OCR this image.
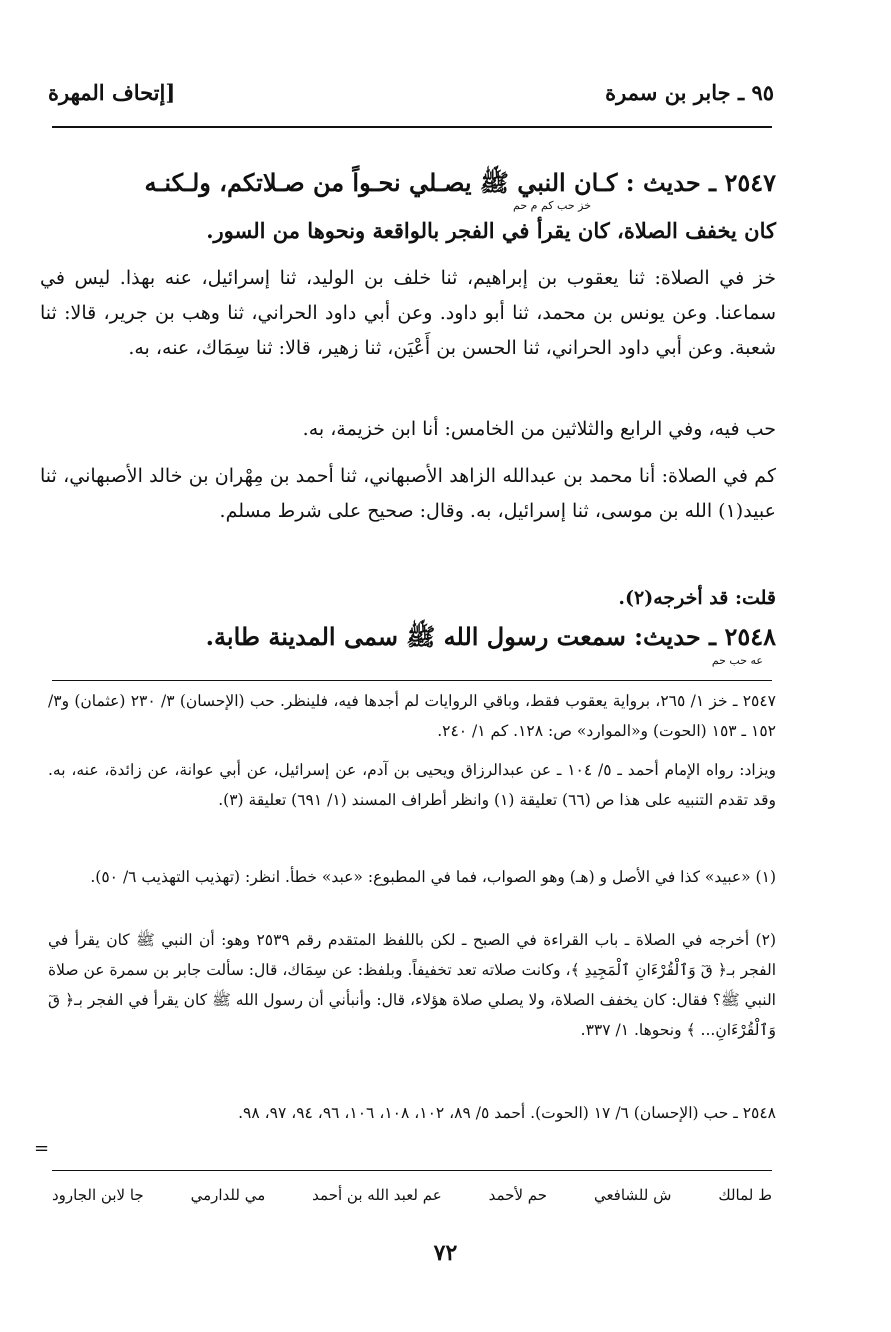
٩٥ ـ جابر بن سمرة
[إتحاف المهرة
٢٥٤٧ ـ حديث : كـان النبي ﷺ يصـلي نحـواً من صـلاتكم، ولـكنـه
خز حب كم م حم
كان يخفف الصلاة، كان يقرأ في الفجر بالواقعة ونحوها من السور.
خز في الصلاة: ثنا يعقوب بن إبراهيم، ثنا خلف بن الوليد، ثنا إسرائيل، عنه بهذا. ليس في سماعنا. وعن يونس بن محمد، ثنا أبو داود. وعن أبي داود الحراني، ثنا وهب بن جرير، قالا: ثنا شعبة. وعن أبي داود الحراني، ثنا الحسن بن أَعْيَن، ثنا زهير، قالا: ثنا سِمَاك، عنه، به.
حب فيه، وفي الرابع والثلاثين من الخامس: أنا ابن خزيمة، به.
كم في الصلاة: أنا محمد بن عبدالله الزاهد الأصبهاني، ثنا أحمد بن مِهْران بن خالد الأصبهاني، ثنا عبيد(١) الله بن موسى، ثنا إسرائيل، به. وقال: صحيح على شرط مسلم.
قلت: قد أخرجه(٢).
٢٥٤٨ ـ حديث: سمعت رسول الله ﷺ سمى المدينة طابة.
عه حب حم
٢٥٤٧ ـ خز ١/ ٢٦٥، برواية يعقوب فقط، وباقي الروايات لم أجدها فيه، فلينظر. حب (الإحسان) ٣/ ٢٣٠ (عثمان) و٣/ ١٥٢ ـ ١٥٣ (الحوت) و«الموارد» ص: ١٢٨. كم ١/ ٢٤٠.
ويزاد: رواه الإمام أحمد ـ ٥/ ١٠٤ ـ عن عبدالرزاق ويحيى بن آدم، عن إسرائيل، عن أبي عوانة، عن زائدة، عنه، به. وقد تقدم التنبيه على هذا ص (٦٦) تعليقة (١) وانظر أطراف المسند (١/ ٦٩١) تعليقة (٣).
(١) «عبيد» كذا في الأصل و (هـ) وهو الصواب، فما في المطبوع: «عبد» خطأ. انظر: (تهذيب التهذيب ٦/ ٥٠).
(٢) أخرجه في الصلاة ـ باب القراءة في الصبح ـ لكن باللفظ المتقدم رقم ٢٥٣٩ وهو: أن النبي ﷺ كان يقرأ في الفجر بـ﴿ قٓ وَٱلْقُرْءَانِ ٱلْمَجِيدِ ﴾، وكانت صلاته تعد تخفيفاً. وبلفظ: عن سِمَاك، قال: سألت جابر بن سمرة عن صلاة النبي ﷺ؟ فقال: كان يخفف الصلاة، ولا يصلي صلاة هؤلاء، قال: وأنبأني أن رسول الله ﷺ كان يقرأ في الفجر بـ﴿ قٓ وَٱلْقُرْءَانِ... ﴾ ونحوها. ١/ ٣٣٧.
٢٥٤٨ ـ حب (الإحسان) ٦/ ١٧ (الحوت). أحمد ٥/ ٨٩، ١٠٢، ١٠٨، ١٠٦، ٩٦، ٩٤، ٩٧، ٩٨.
=
ط لمالك
ش للشافعي
حم لأحمد
عم لعبد الله بن أحمد
مي للدارمي
جا لابن الجارود
٧٢
